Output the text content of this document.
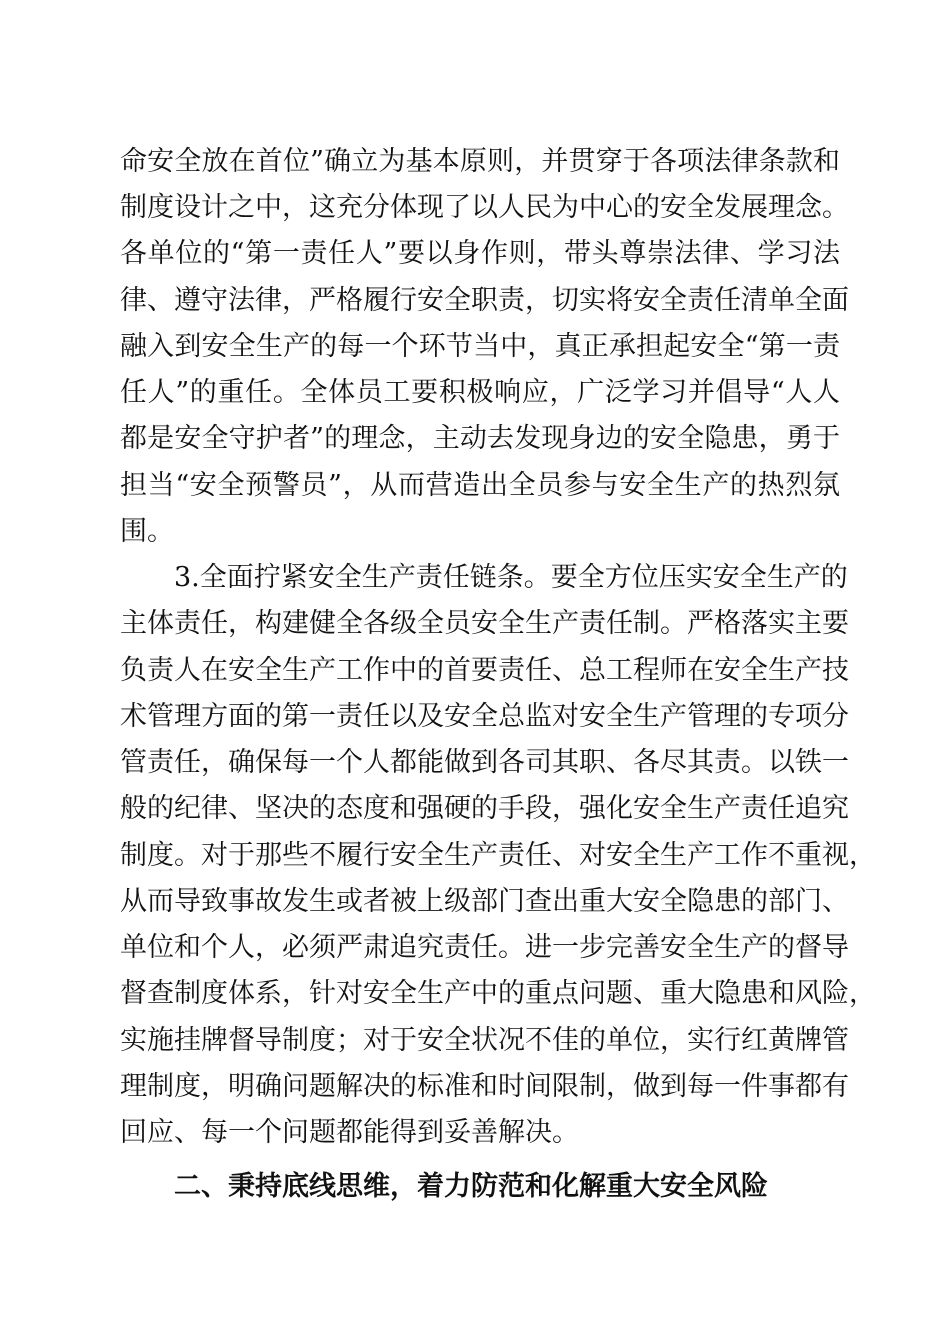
命安全放在首位”确立为基本原则，并贯穿于各项法律条款和
制度设计之中，这充分体现了以人民为中心的安全发展理念。
各单位的“第一责任人”要以身作则，带头尊崇法律、学习法
律、遵守法律，严格履行安全职责，切实将安全责任清单全面
融入到安全生产的每一个环节当中，真正承担起安全“第一责
任人”的重任。全体员工要积极响应，广泛学习并倡导“人人
都是安全守护者”的理念，主动去发现身边的安全隐患，勇于
担当“安全预警员”，从而营造出全员参与安全生产的热烈氛
围。
3.全面拧紧安全生产责任链条。要全方位压实安全生产的
主体责任，构建健全各级全员安全生产责任制。严格落实主要
负责人在安全生产工作中的首要责任、总工程师在安全生产技
术管理方面的第一责任以及安全总监对安全生产管理的专项分
管责任，确保每一个人都能做到各司其职、各尽其责。以铁一
般的纪律、坚决的态度和强硬的手段，强化安全生产责任追究
制度。对于那些不履行安全生产责任、对安全生产工作不重视，
从而导致事故发生或者被上级部门查出重大安全隐患的部门、
单位和个人，必须严肃追究责任。进一步完善安全生产的督导
督查制度体系，针对安全生产中的重点问题、重大隐患和风险，
实施挂牌督导制度；对于安全状况不佳的单位，实行红黄牌管
理制度，明确问题解决的标准和时间限制，做到每一件事都有
回应、每一个问题都能得到妥善解决。
二、秉持底线思维，着力防范和化解重大安全风险
